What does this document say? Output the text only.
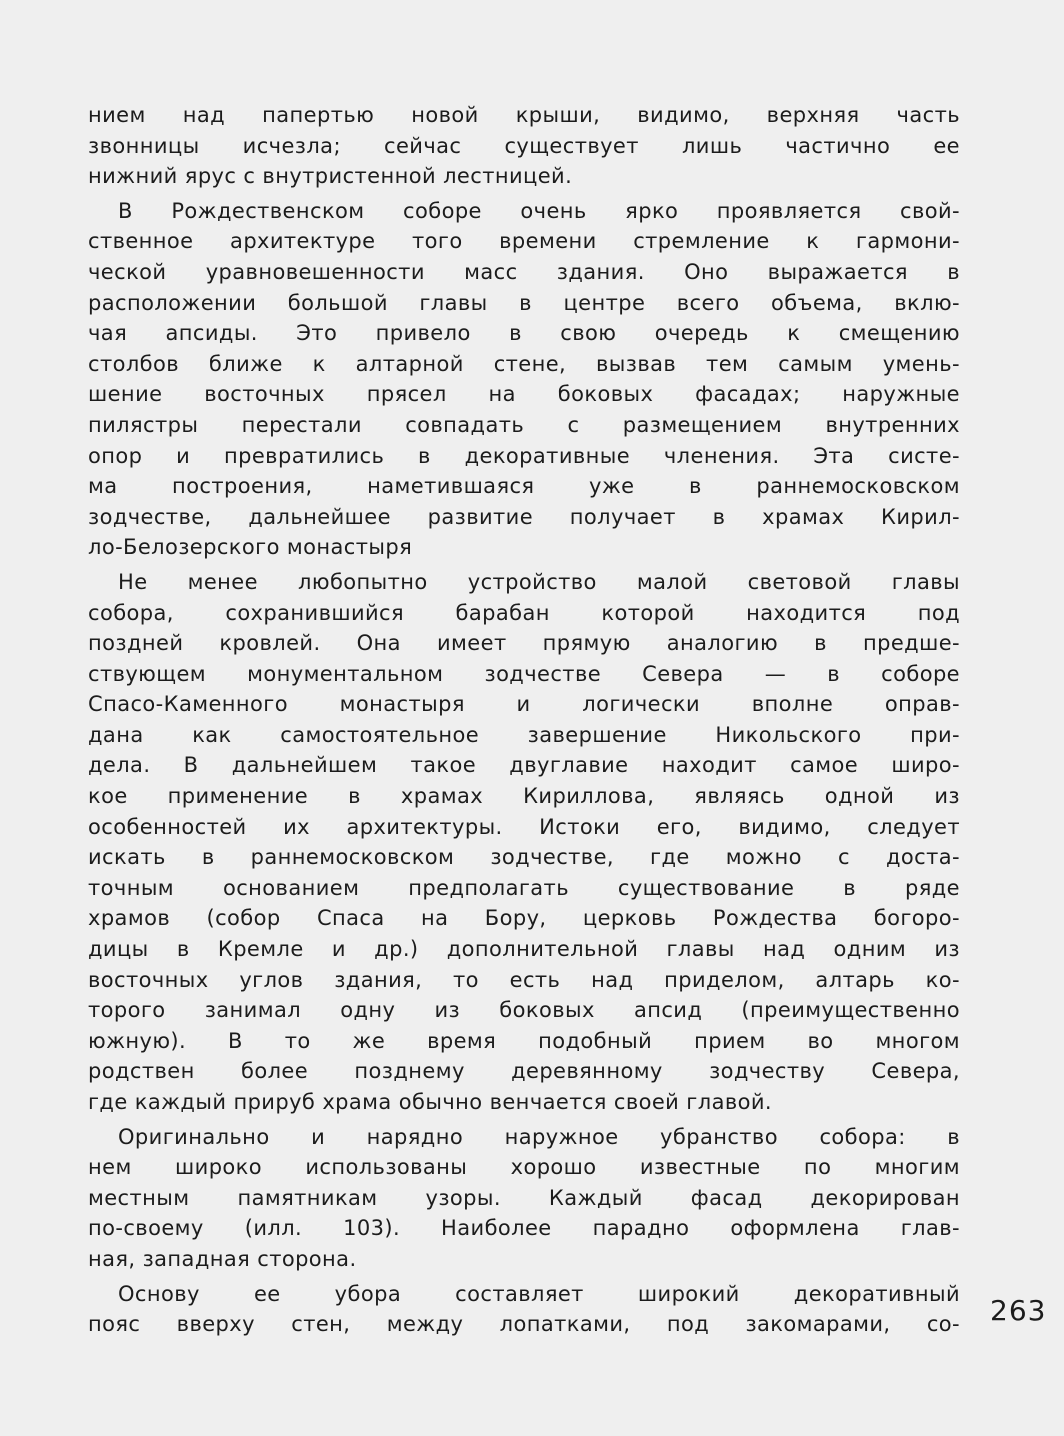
нием над папертью новой крыши, видимо, верхняя часть
звонницы исчезла; сейчас существует лишь частично ее
нижний ярус с внутристенной лестницей.
В Рождественском соборе очень ярко проявляется свой-
ственное архитектуре того времени стремление к гармони-
ческой уравновешенности масс здания. Оно выражается в
расположении большой главы в центре всего объема, вклю-
чая апсиды. Это привело в свою очередь к смещению
столбов ближе к алтарной стене, вызвав тем самым умень-
шение восточных прясел на боковых фасадах; наружные
пилястры перестали совпадать с размещением внутренних
опор и превратились в декоративные членения. Эта систе-
ма построения, наметившаяся уже в раннемосковском
зодчестве, дальнейшее развитие получает в храмах Кирил-
ло-Белозерского монастыря
Не менее любопытно устройство малой световой главы
собора, сохранившийся барабан которой находится под
поздней кровлей. Она имеет прямую аналогию в предше-
ствующем монументальном зодчестве Севера — в соборе
Спасо-Каменного монастыря и логически вполне оправ-
дана как самостоятельное завершение Никольского при-
дела. В дальнейшем такое двуглавие находит самое широ-
кое применение в храмах Кириллова, являясь одной из
особенностей их архитектуры. Истоки его, видимо, следует
искать в раннемосковском зодчестве, где можно с доста-
точным основанием предполагать существование в ряде
храмов (собор Спаса на Бору, церковь Рождества богоро-
дицы в Кремле и др.) дополнительной главы над одним из
восточных углов здания, то есть над приделом, алтарь ко-
торого занимал одну из боковых апсид (преимущественно
южную). В то же время подобный прием во многом
родствен более позднему деревянному зодчеству Севера,
где каждый прируб храма обычно венчается своей главой.
Оригинально и нарядно наружное убранство собора: в
нем широко использованы хорошо известные по многим
местным памятникам узоры. Каждый фасад декорирован
по-своему (илл. 103). Наиболее парадно оформлена глав-
ная, западная сторона.
Основу ее убора составляет широкий декоративный
пояс вверху стен, между лопатками, под закомарами, со- 263
